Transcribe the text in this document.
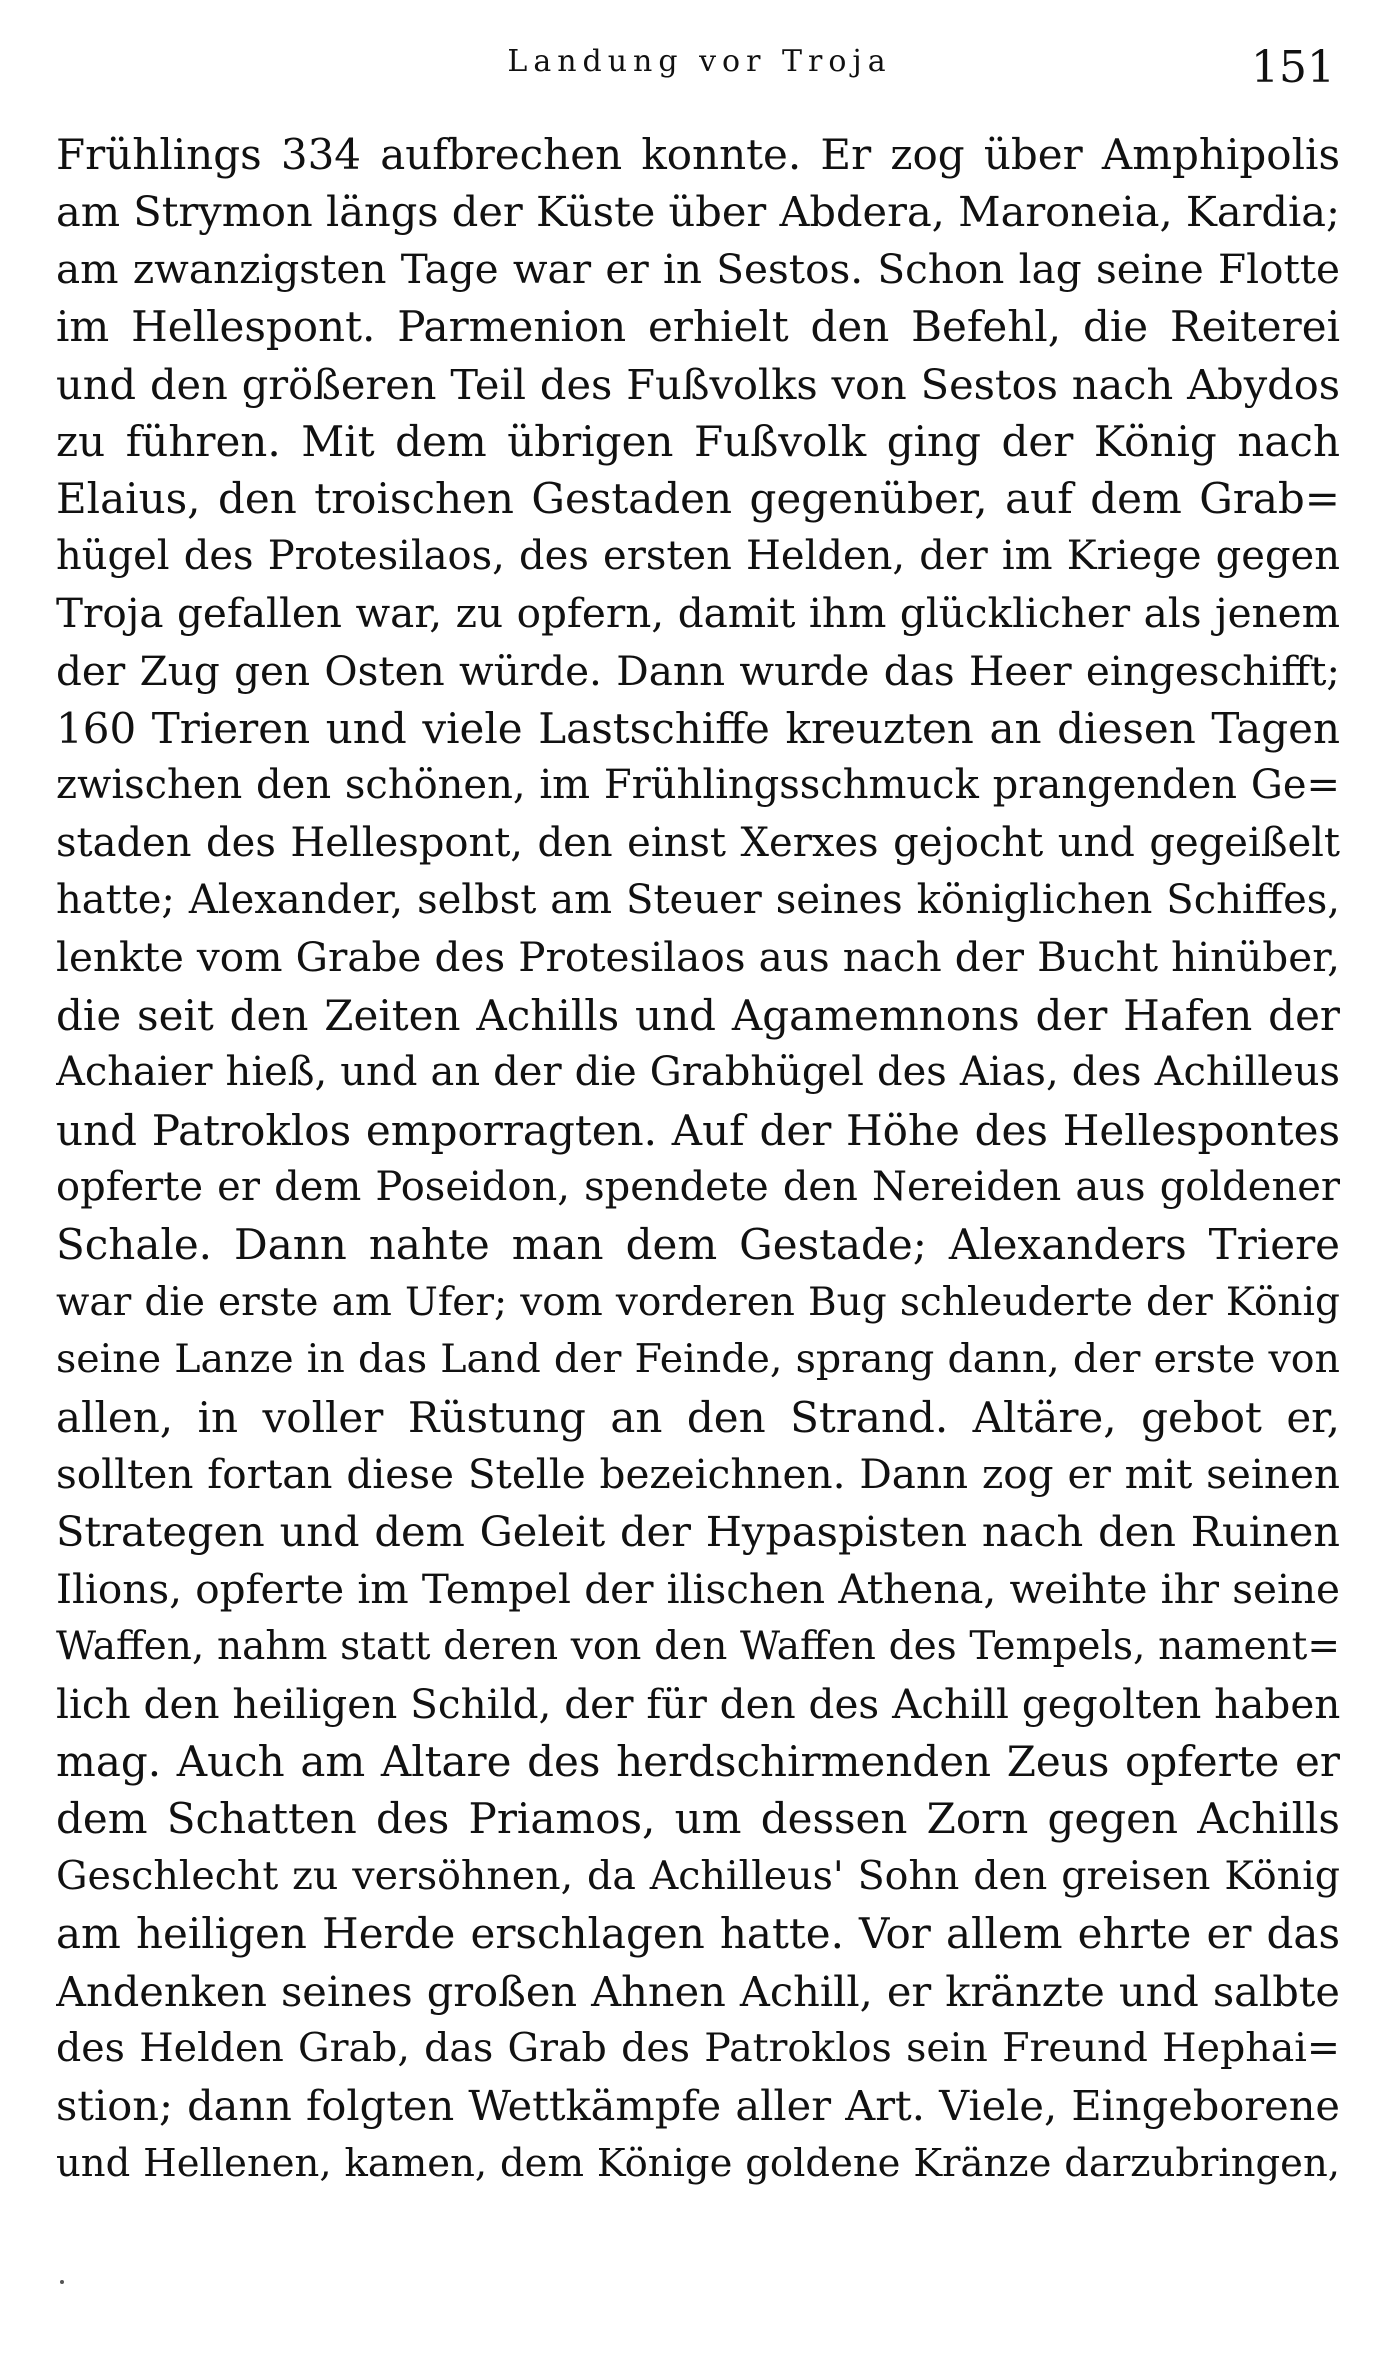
Landung vor Troja	151
Frühlings 334 aufbrechen konnte. Er zog über Amphipolis
am Strymon längs der Küste über Abdera, Maroneia, Kardia;
am zwanzigsten Tage war er in Sestos. Schon lag seine Flotte
im Hellespont. Parmenion erhielt den Befehl, die Reiterei
und den größeren Teil des Fußvolks von Sestos nach Abydos
zu führen. Mit dem übrigen Fußvolk ging der König nach
Elaius, den troischen Gestaden gegenüber, auf dem Grab=
hügel des Protesilaos, des ersten Helden, der im Kriege gegen
Troja gefallen war, zu opfern, damit ihm glücklicher als jenem
der Zug gen Osten würde. Dann wurde das Heer eingeschifft;
160 Trieren und viele Lastschiffe kreuzten an diesen Tagen
zwischen den schönen, im Frühlingsschmuck prangenden Ge=
staden des Hellespont, den einst Xerxes gejocht und gegeißelt
hatte; Alexander, selbst am Steuer seines königlichen Schiffes,
lenkte vom Grabe des Protesilaos aus nach der Bucht hinüber,
die seit den Zeiten Achills und Agamemnons der Hafen der
Achaier hieß, und an der die Grabhügel des Aias, des Achilleus
und Patroklos emporragten. Auf der Höhe des Hellespontes
opferte er dem Poseidon, spendete den Nereiden aus goldener
Schale. Dann nahte man dem Gestade; Alexanders Triere
war die erste am Ufer; vom vorderen Bug schleuderte der König
seine Lanze in das Land der Feinde, sprang dann, der erste von
allen, in voller Rüstung an den Strand. Altäre, gebot er,
sollten fortan diese Stelle bezeichnen. Dann zog er mit seinen
Strategen und dem Geleit der Hypaspisten nach den Ruinen
Ilions, opferte im Tempel der ilischen Athena, weihte ihr seine
Waffen, nahm statt deren von den Waffen des Tempels, nament=
lich den heiligen Schild, der für den des Achill gegolten haben
mag. Auch am Altare des herdschirmenden Zeus opferte er
dem Schatten des Priamos, um dessen Zorn gegen Achills
Geschlecht zu versöhnen, da Achilleus' Sohn den greisen König
am heiligen Herde erschlagen hatte. Vor allem ehrte er das
Andenken seines großen Ahnen Achill, er kränzte und salbte
des Helden Grab, das Grab des Patroklos sein Freund Hephai=
stion; dann folgten Wettkämpfe aller Art. Viele, Eingeborene
und Hellenen, kamen, dem Könige goldene Kränze darzubringen,
